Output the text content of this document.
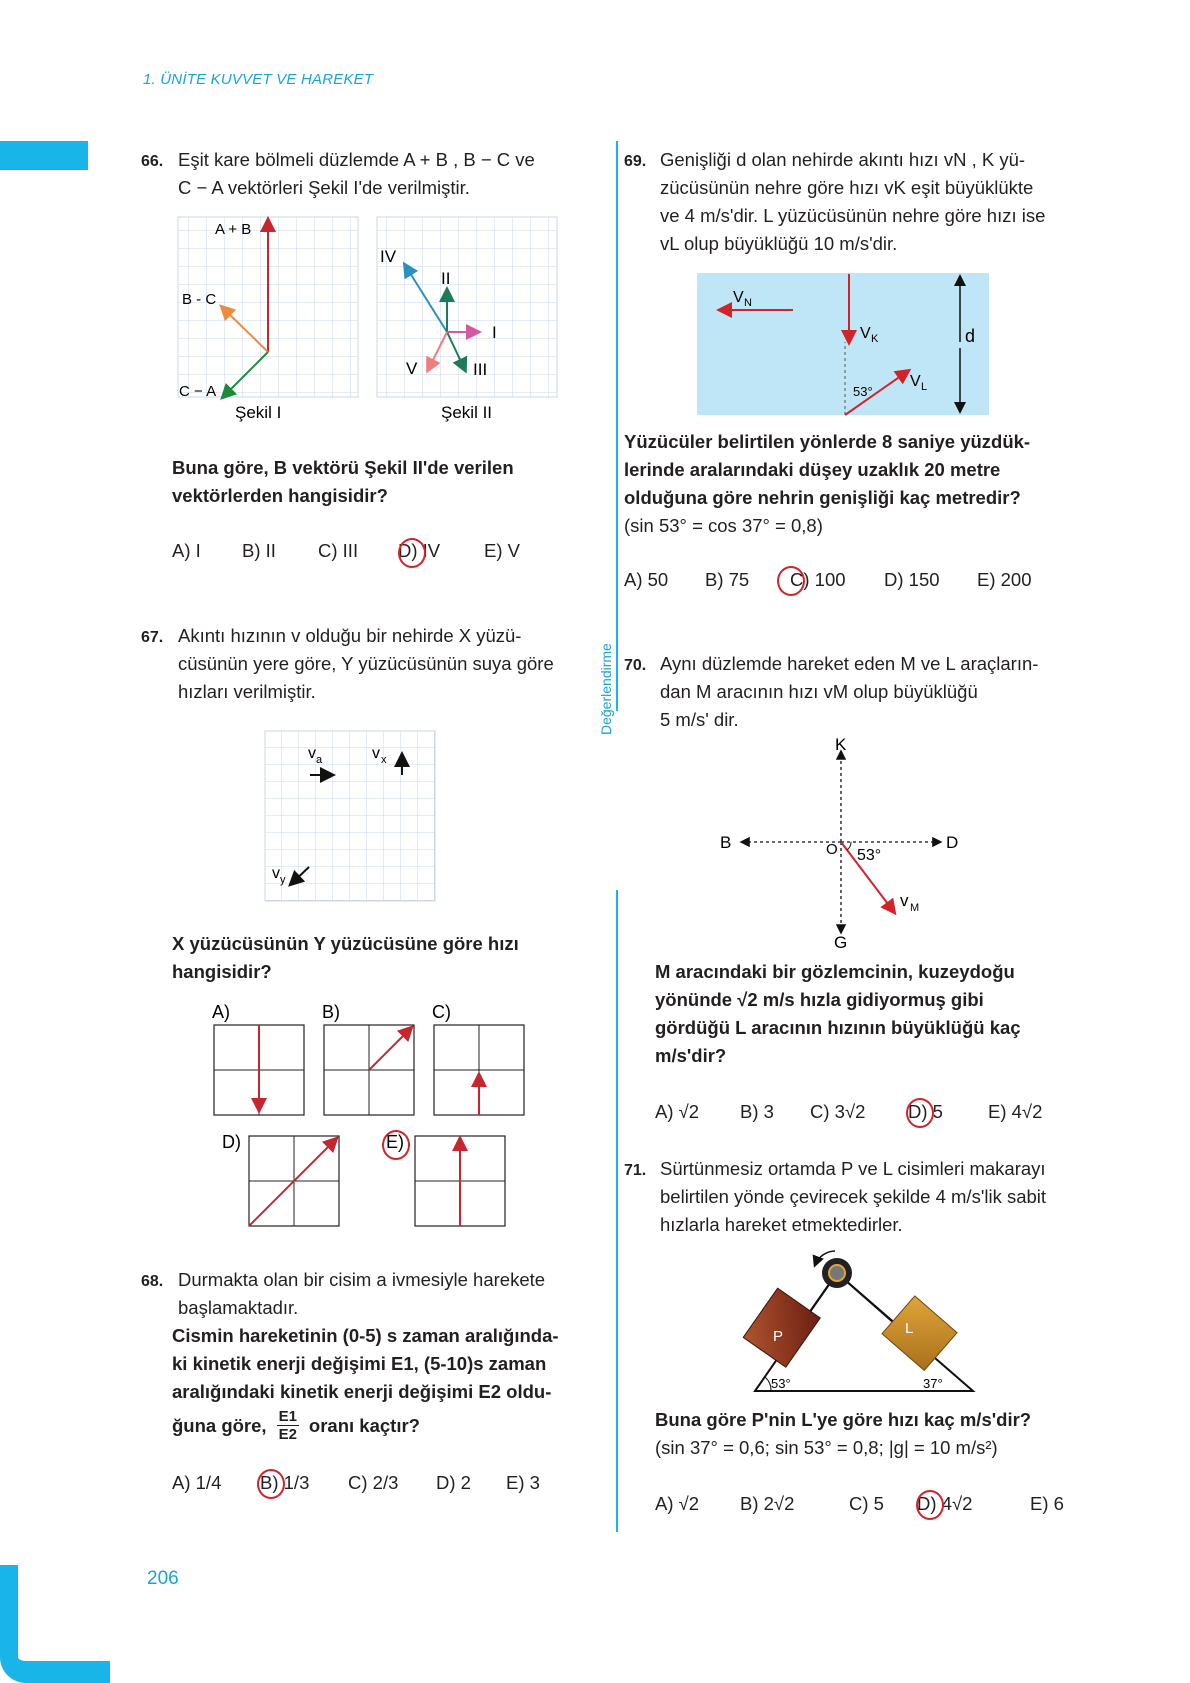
1. ÜNİTE KUVVET VE HAREKET
206
Değerlendirme
66. Eşit kare bölmeli düzlemde A + B , B − C ve
C − A vektörleri Şekil I'de verilmiştir.
A + B
B - C
C − A
Şekil I
IV
II
I
III
V
Şekil II
Buna göre, B vektörü Şekil II'de verilen
vektörlerden hangisidir?
A) I	B) II	C) III	D) IV	E) V
67. Akıntı hızının v olduğu bir nehirde X yüzü-
cüsünün yere göre, Y yüzücüsünün suya göre
hızları verilmiştir.
v a	v x
v y
X yüzücüsünün Y yüzücüsüne göre hızı
hangisidir?
A)	B)	C)
D)	E)
68. Durmakta olan bir cisim a ivmesiyle harekete
başlamaktadır.
Cismin hareketinin (0-5) s zaman aralığında-
ki kinetik enerji değişimi E1, (5-10)s zaman
aralığındaki kinetik enerji değişimi E2 oldu-
ğuna göre, $\frac{E1}{E2}$ oranı kaçtır?
A) 1/4	B) 1/3	C) 2/3	D) 2	E) 3
69. Genişliği d olan nehirde akıntı hızı vN , K yü-
zücüsünün nehre göre hızı vK eşit büyüklükte
ve 4 m/s'dir. L yüzücüsünün nehre göre hızı ise
vL olup büyüklüğü 10 m/s'dir.
V N
V K
V L
53°
d
Yüzücüler belirtilen yönlerde 8 saniye yüzdük-
lerinde aralarındaki düşey uzaklık 20 metre
olduğuna göre nehrin genişliği kaç metredir?
(sin 53° = cos 37° = 0,8)
A) 50	B) 75	C) 100	D) 150	E) 200
70. Aynı düzlemde hareket eden M ve L araçların-
dan M aracının hızı vM olup büyüklüğü
5 m/s' dir.
K
B	D
G
O 53°
v M
M aracındaki bir gözlemcinin, kuzeydoğu
yönünde √2 m/s hızla gidiyormuş gibi
gördüğü L aracının hızının büyüklüğü kaç
m/s'dir?
A) √2	B) 3	C) 3√2	D) 5	E) 4√2
71. Sürtünmesiz ortamda P ve L cisimleri makarayı
belirtilen yönde çevirecek şekilde 4 m/s'lik sabit
hızlarla hareket etmektedirler.
P	L
53°	37°
Buna göre P'nin L'ye göre hızı kaç m/s'dir?
(sin 37° = 0,6; sin 53° = 0,8; |g| = 10 m/s²)
A) √2	B) 2√2	C) 5	D) 4√2	E) 6
